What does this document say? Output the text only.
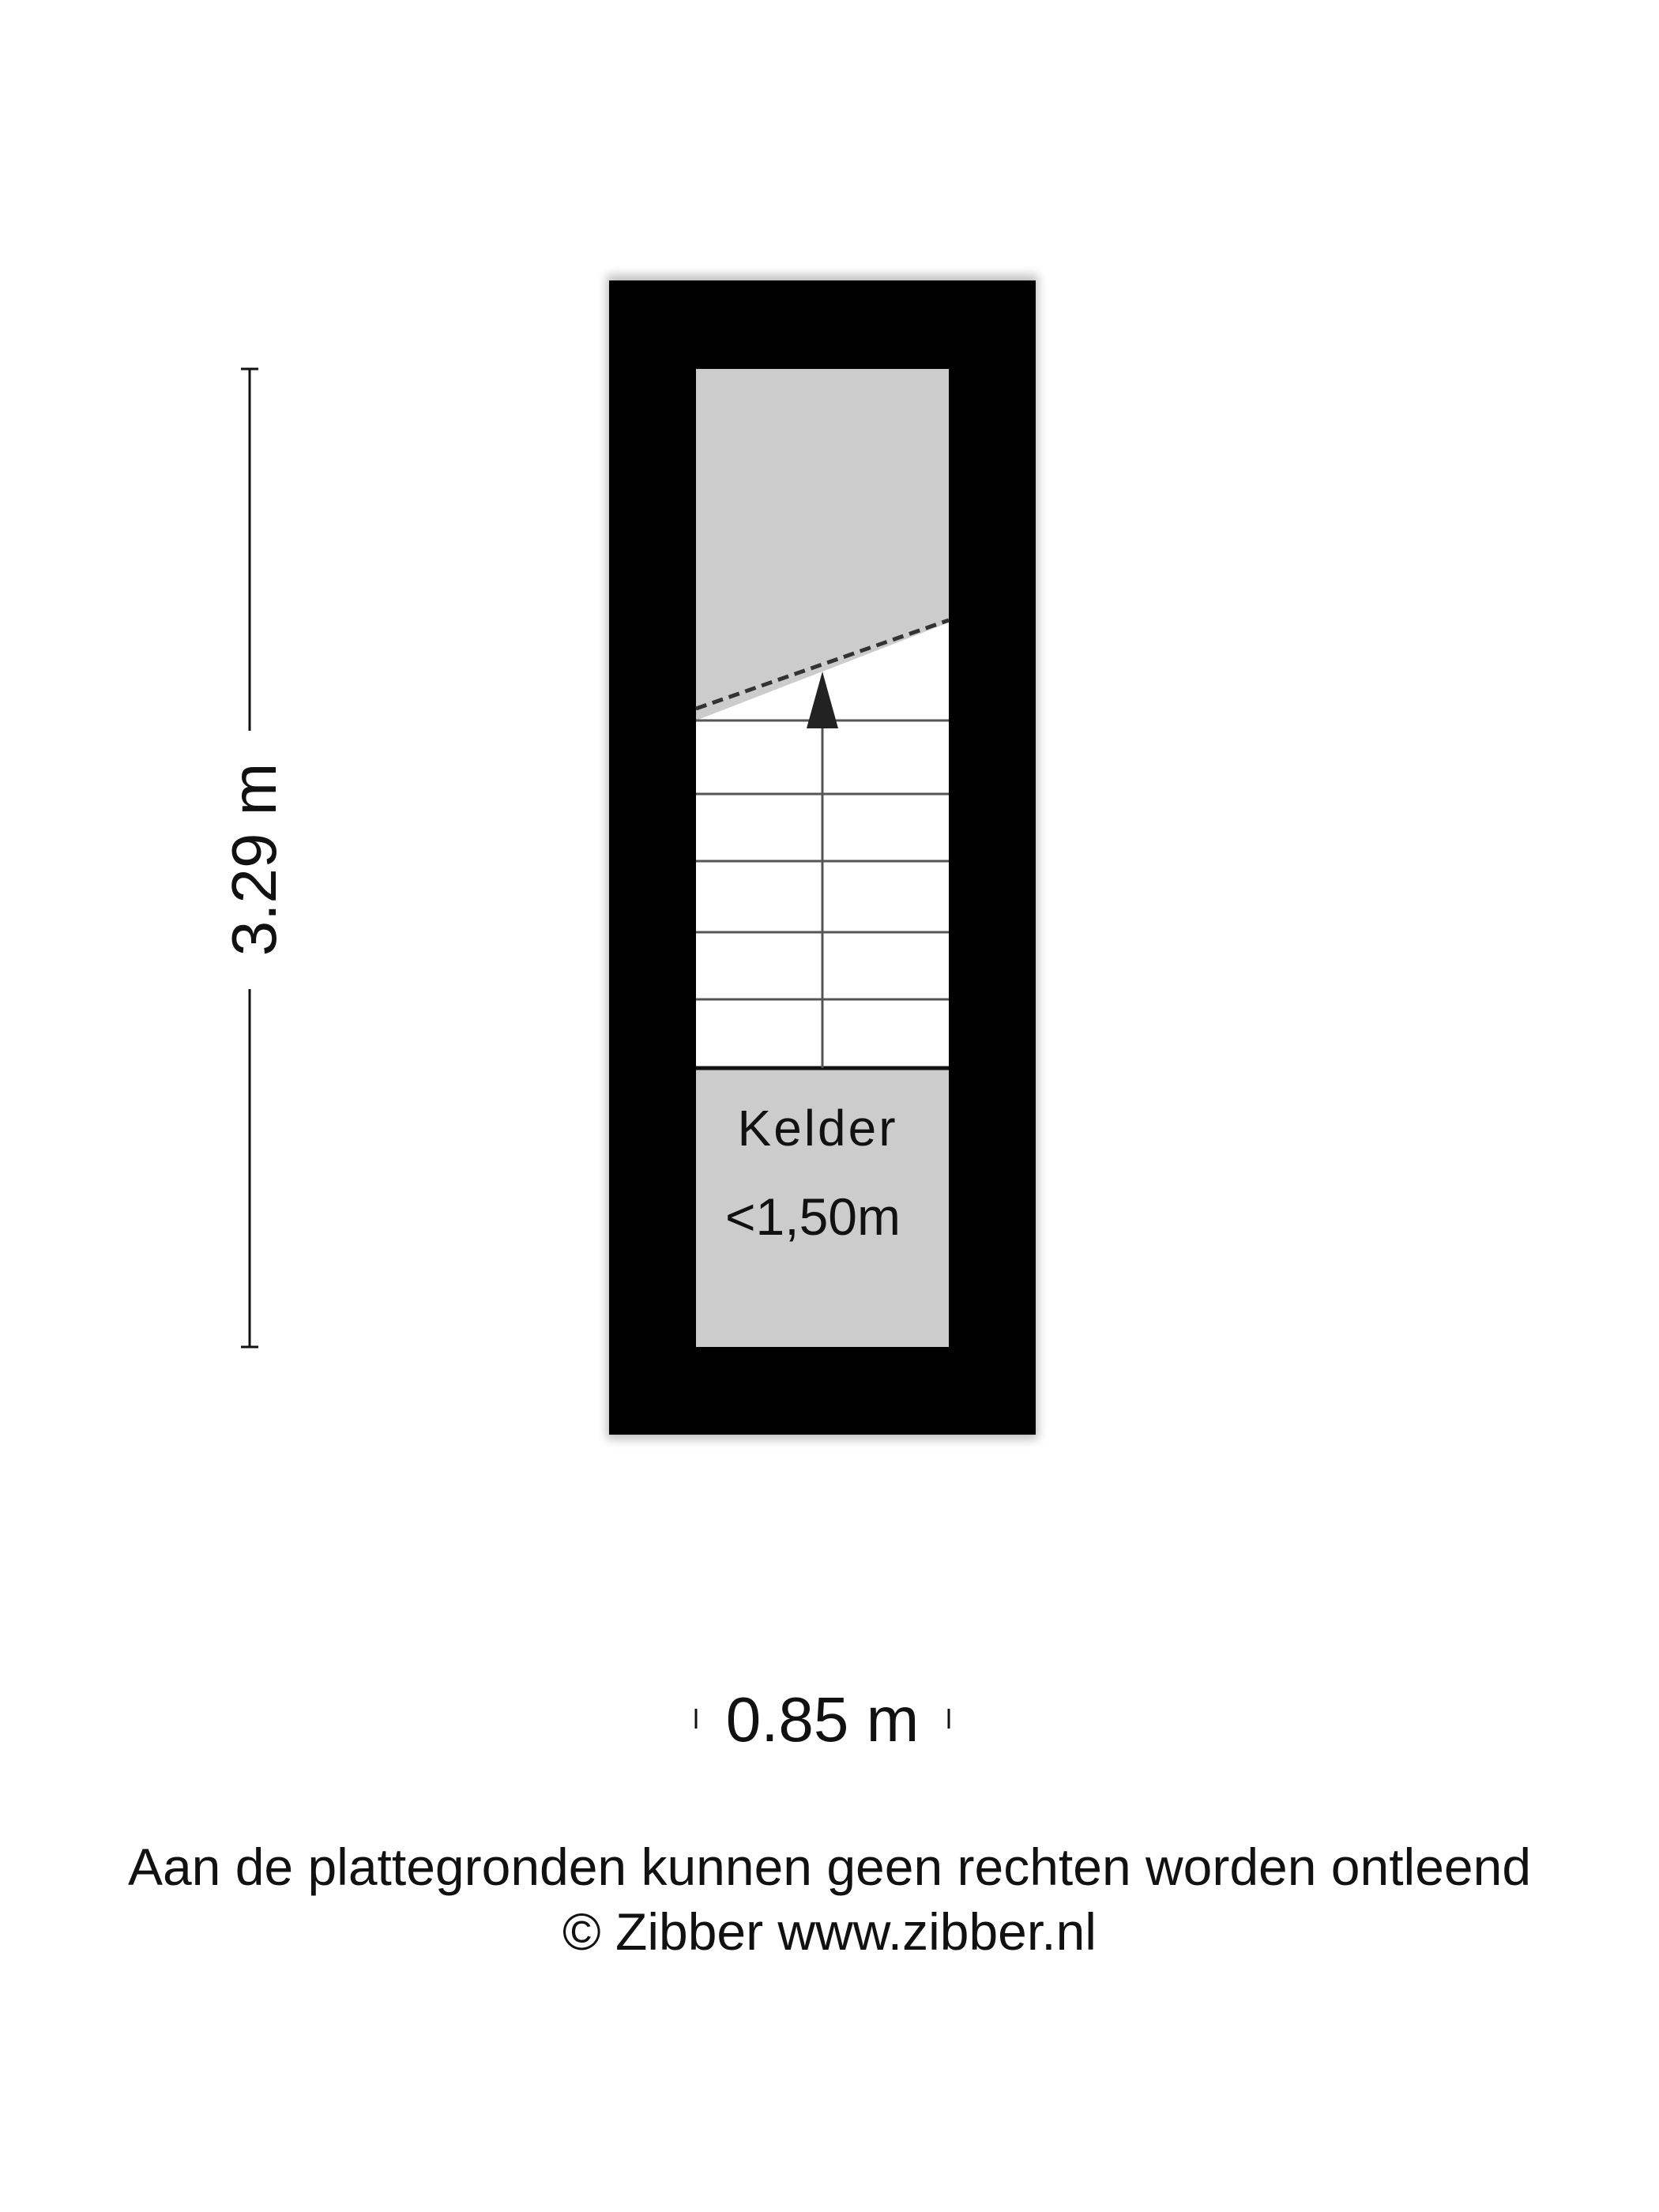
Kelder
<1,50m
3.29 m
0.85 m
Aan de plattegronden kunnen geen rechten worden ontleend
© Zibber www.zibber.nl
